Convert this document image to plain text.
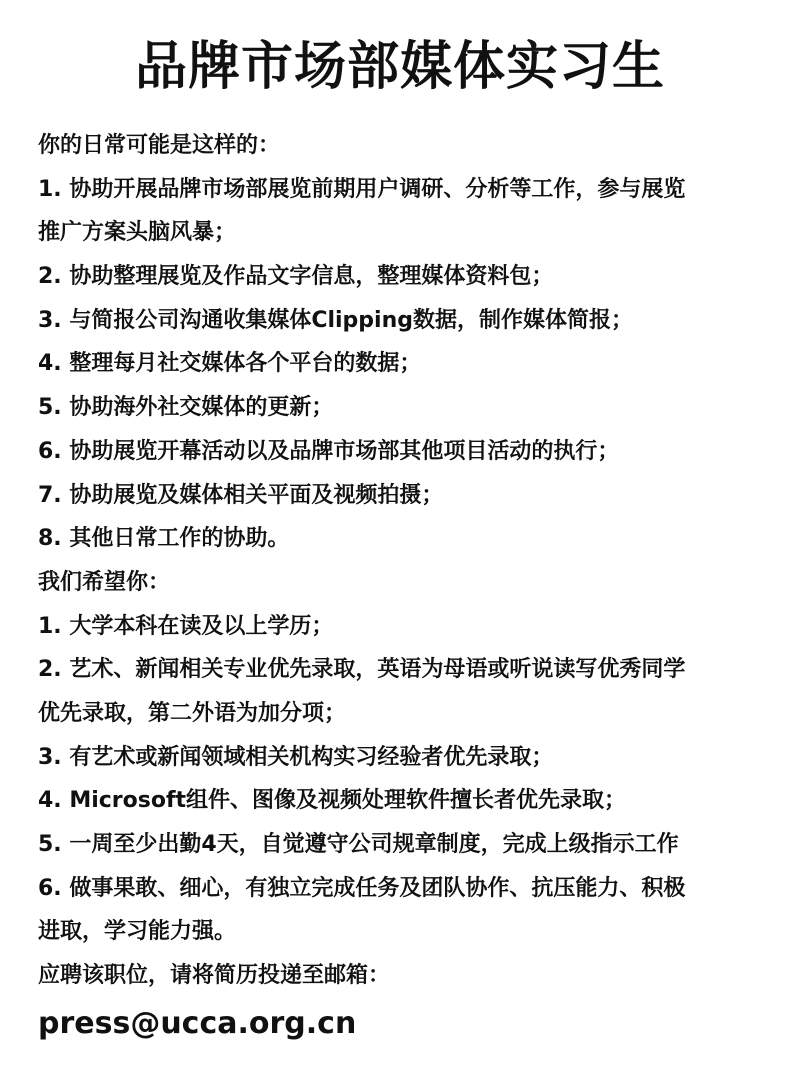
品牌市场部媒体实习生
你的日常可能是这样的：
1. 协助开展品牌市场部展览前期用户调研、分析等工作，参与展览
推广方案头脑风暴；
2. 协助整理展览及作品文字信息，整理媒体资料包；
3. 与简报公司沟通收集媒体Clipping数据，制作媒体简报；
4. 整理每月社交媒体各个平台的数据；
5. 协助海外社交媒体的更新；
6. 协助展览开幕活动以及品牌市场部其他项目活动的执行；
7. 协助展览及媒体相关平面及视频拍摄；
8. 其他日常工作的协助。
我们希望你：
1. 大学本科在读及以上学历；
2. 艺术、新闻相关专业优先录取，英语为母语或听说读写优秀同学
优先录取，第二外语为加分项；
3. 有艺术或新闻领域相关机构实习经验者优先录取；
4. Microsoft组件、图像及视频处理软件擅长者优先录取；
5. 一周至少出勤4天，自觉遵守公司规章制度，完成上级指示工作
6. 做事果敢、细心，有独立完成任务及团队协作、抗压能力、积极
进取，学习能力强。
应聘该职位，请将简历投递至邮箱：
press@ucca.org.cn
